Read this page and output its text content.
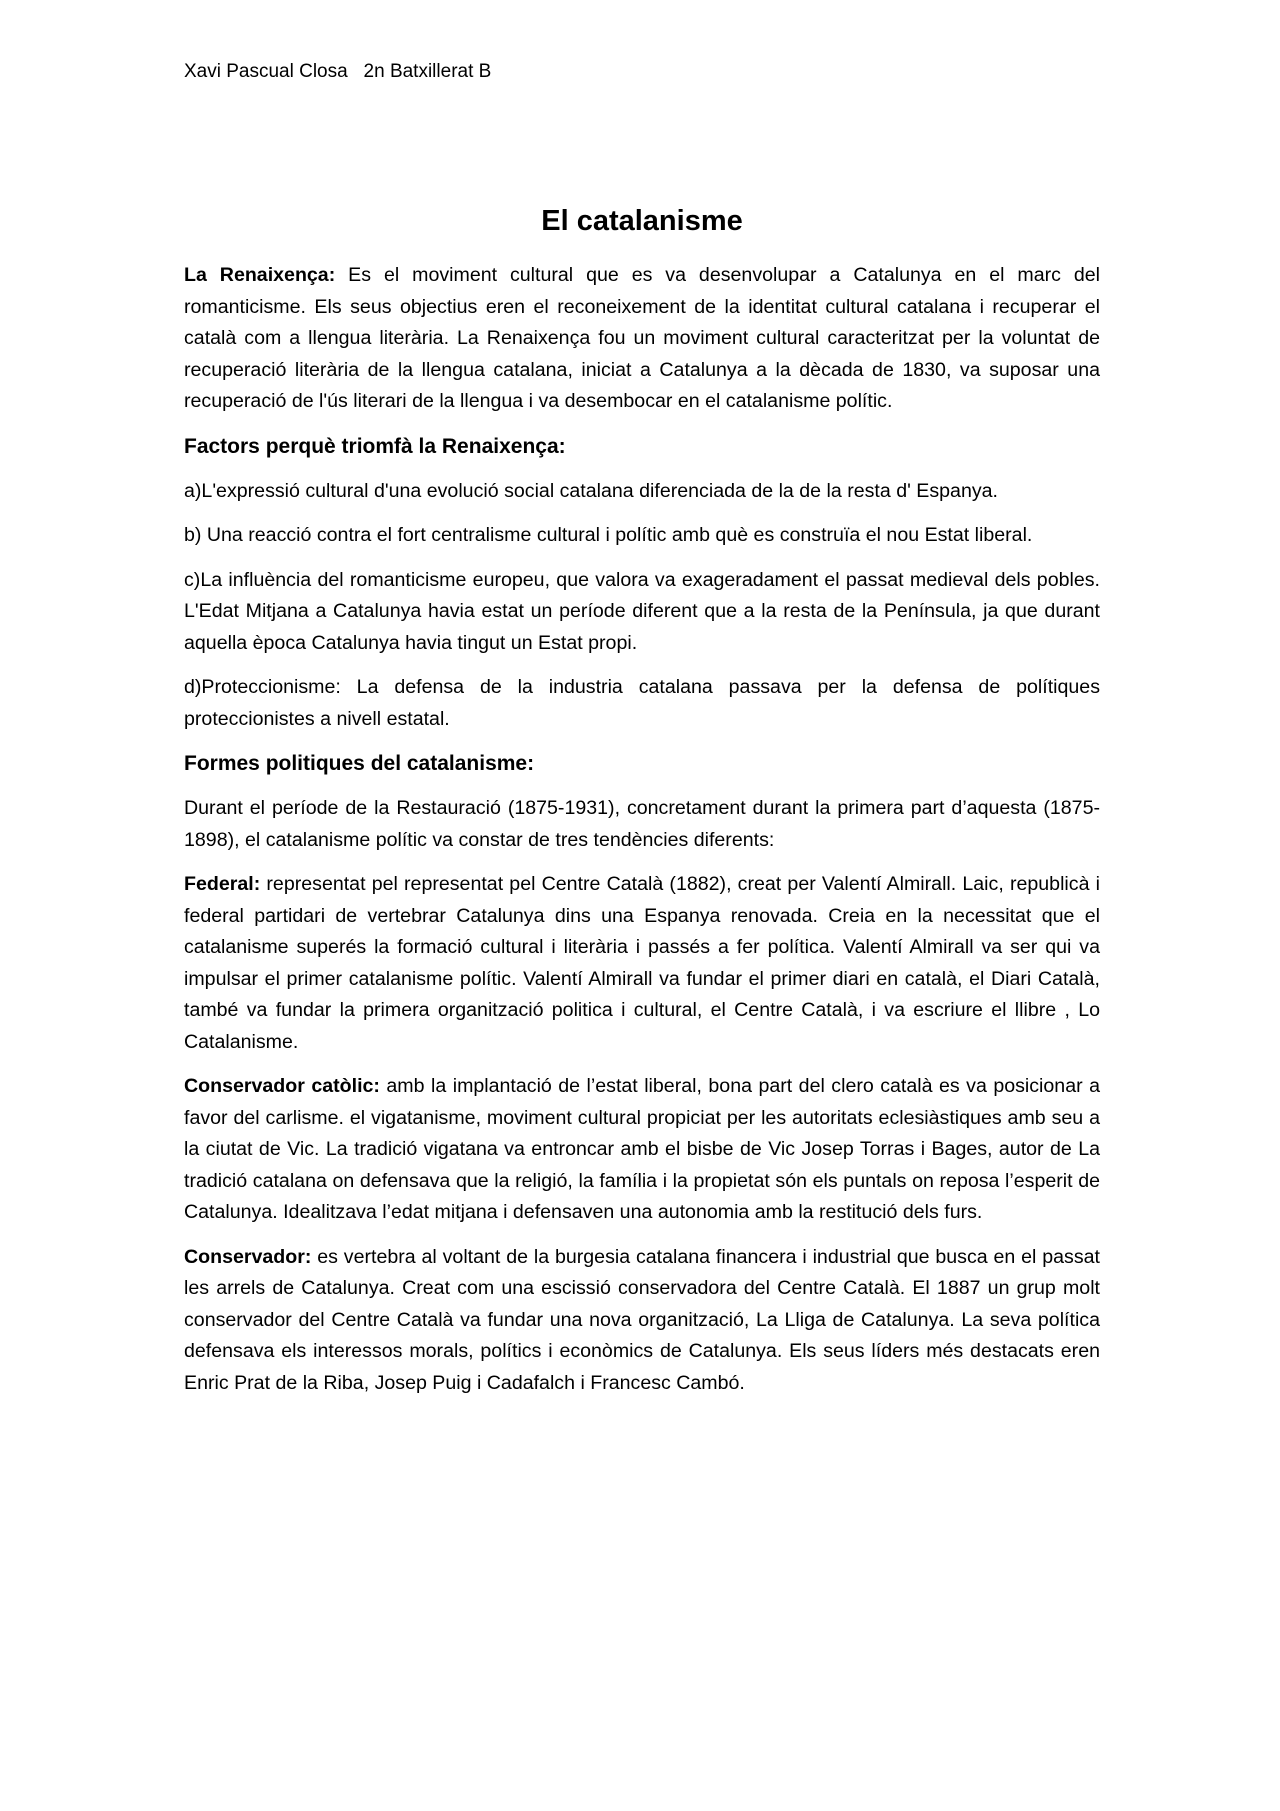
Xavi Pascual Closa   2n Batxillerat B
El catalanisme

La Renaixença: Es el moviment cultural que es va desenvolupar a Catalunya en el marc del romanticisme. Els seus objectius eren el reconeixement de la identitat cultural catalana i recuperar el català com a llengua literària. La Renaixença fou un moviment cultural caracteritzat per la voluntat de recuperació literària de la llengua catalana, iniciat a Catalunya a la dècada de 1830, va suposar una recuperació de l'ús literari de la llengua i va desembocar en el catalanisme polític.

Factors perquè triomfà la Renaixença:

a)L'expressió cultural d'una evolució social catalana diferenciada de la de la resta d' Espanya.

b) Una reacció contra el fort centralisme cultural i polític amb què es construïa el nou Estat liberal.

c)La influència del romanticisme europeu, que valora va exageradament el passat medieval dels pobles. L'Edat Mitjana a Catalunya havia estat un període diferent que a la resta de la Península, ja que durant aquella època Catalunya havia tingut un Estat propi.

d)Proteccionisme: La defensa de la industria catalana passava per la defensa de polítiques proteccionistes a nivell estatal.

Formes politiques del catalanisme:

Durant el període de la Restauració (1875-1931), concretament durant la primera part d’aquesta (1875-1898), el catalanisme polític va constar de tres tendències diferents:

Federal: representat pel representat pel Centre Català (1882), creat per Valentí Almirall. Laic, republicà i federal partidari de vertebrar Catalunya dins una Espanya renovada. Creia en la necessitat que el catalanisme superés la formació cultural i literària i passés a fer política. Valentí Almirall va ser qui va impulsar el primer catalanisme polític. Valentí Almirall va fundar el primer diari en català, el Diari Català, també va fundar la primera organització politica i cultural, el Centre Català, i va escriure el llibre , Lo Catalanisme.

Conservador catòlic: amb la implantació de l’estat liberal, bona part del clero català es va posicionar a favor del carlisme. el vigatanisme, moviment cultural propiciat per les autoritats eclesiàstiques amb seu a la ciutat de Vic. La tradició vigatana va entroncar amb el bisbe de Vic Josep Torras i Bages, autor de La tradició catalana on defensava que la religió, la família i la propietat són els puntals on reposa l’esperit de Catalunya. Idealitzava l’edat mitjana i defensaven una autonomia amb la restitució dels furs.

Conservador: es vertebra al voltant de la burgesia catalana financera i industrial que busca en el passat les arrels de Catalunya. Creat com una escissió conservadora del Centre Català. El 1887 un grup molt conservador del Centre Català va fundar una nova organització, La Lliga de Catalunya. La seva política defensava els interessos morals, polítics i econòmics de Catalunya. Els seus líders més destacats eren Enric Prat de la Riba, Josep Puig i Cadafalch i Francesc Cambó.
